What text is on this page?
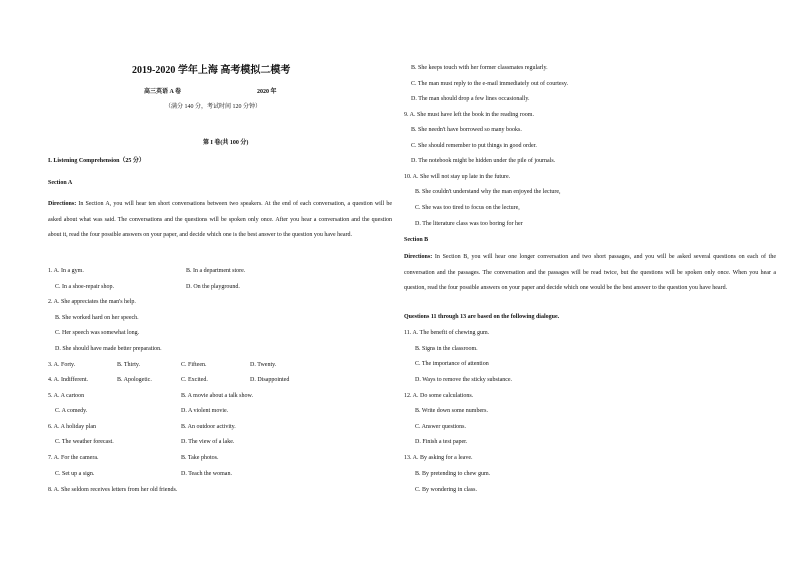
2019-2020 学年上海 高考模拟二模考
高三英语 A 卷	2020 年
（满分 140 分，考试时间 120 分钟）
第 I 卷(共 100 分)
I. Listening Comprehension（25 分）
Section A
Directions: In Section A, you will hear ten short conversations between two speakers. At the end of each conversation, a question will be asked about what was said. The conversations and the questions will be spoken only once. After you hear a conversation and the question about it, read the four possible answers on your paper, and decide which one is the best answer to the question you have heard.
1. A. In a gym.	B. In a department store.
C. In a shoe-repair shop.	D. On the playground.
2. A. She appreciates the man's help.
B. She worked hard on her speech.
C. Her speech was somewhat long.
D. She should have made better preparation.
3. A. Forty.	B. Thirty.	C. Fifteen.	D. Twenty.
4. A. Indifferent.	B. Apologetic.	C. Excited.	D. Disappointed
5. A. A cartoon	B. A movie about a talk show.
C. A comedy.	D. A violent movie.
6. A. A holiday plan	B. An outdoor activity.
C. The weather forecast.	D. The view of a lake.
7. A. For the camera.	B. Take photos.
C. Set up a sign.	D. Teach the woman.
8. A. She seldom receives letters from her old friends.
B. She keeps touch with her former classmates regularly.
C. The man must reply to the e-mail immediately out of courtesy.
D. The man should drop a few lines occasionally.
9. A. She must have left the book in the reading room.
B. She needn't have borrowed so many books.
C. She should remember to put things in good order.
D. The notebook might be hidden under the pile of journals.
10. A. She will not stay up late in the future.
B. She couldn't understand why the man enjoyed the lecture,
C. She was too tired to focus on the lecture,
D. The literature class was too boring for her
Section B
Directions: In Section B, you will hear one longer conversation and two short passages, and you will be asked several questions on each of the conversation and the passages. The conversation and the passages will be read twice, but the questions will be spoken only once. When you hear a question, read the four possible answers on your paper and decide which one would be the best answer to the question you have heard.
Questions 11 through 13 are based on the following dialogue.
11. A. The benefit of chewing gum.
B. Signs in the classroom.
C. The importance of attention
D. Ways to remove the sticky substance.
12. A. Do some calculations.
B. Write down some numbers.
C. Answer questions.
D. Finish a test paper.
13. A. By asking for a leave.
B. By pretending to chew gum.
C. By wondering in class.
